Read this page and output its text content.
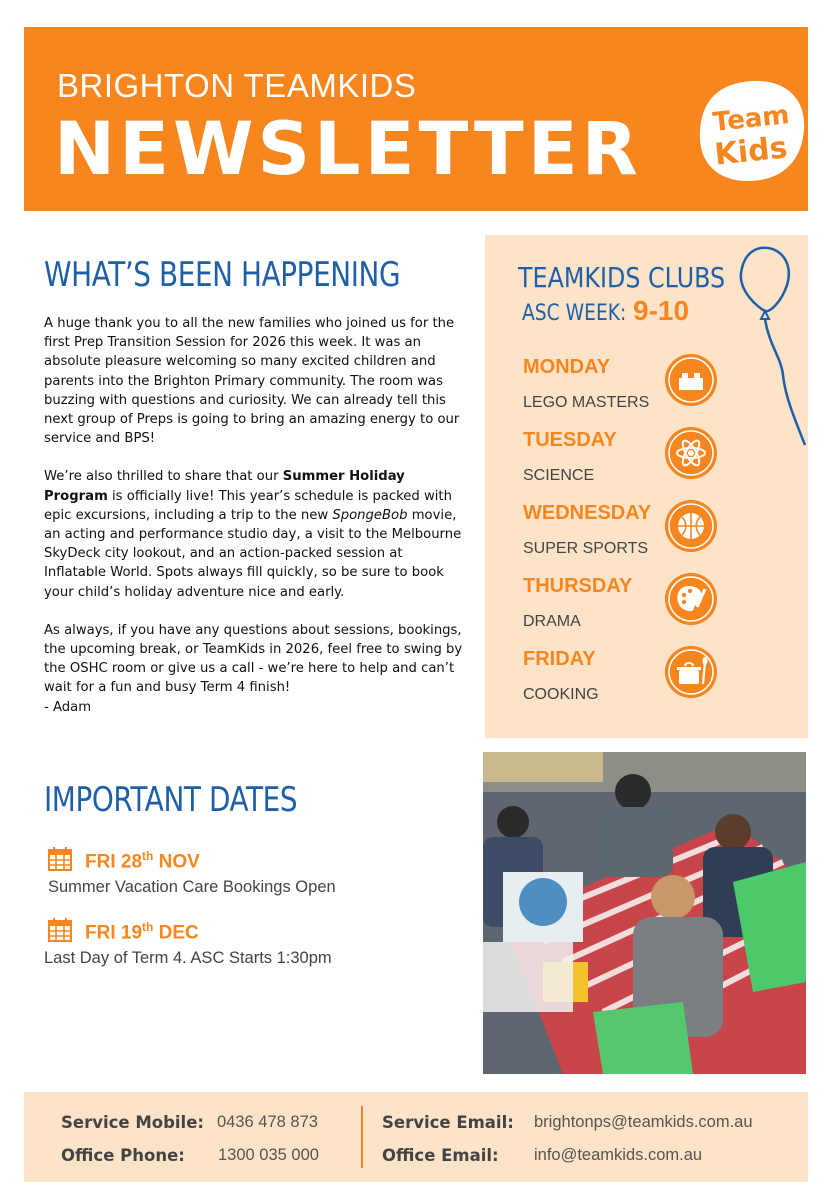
BRIGHTON TEAMKIDS
NEWSLETTER	Team
Kids
WHAT’S BEEN HAPPENING

A huge thank you to all the new families who joined us for the first Prep Transition Session for 2026 this week. It was an absolute pleasure welcoming so many excited children and parents into the Brighton Primary community. The room was buzzing with questions and curiosity. We can already tell this next group of Preps is going to bring an amazing energy to our service and BPS!

We’re also thrilled to share that our Summer Holiday Program is officially live! This year’s schedule is packed with epic excursions, including a trip to the new SpongeBob movie, an acting and performance studio day, a visit to the Melbourne SkyDeck city lookout, and an action-packed session at Inflatable World. Spots always fill quickly, so be sure to book your child’s holiday adventure nice and early.

As always, if you have any questions about sessions, bookings, the upcoming break, or TeamKids in 2026, feel free to swing by the OSHC room or give us a call - we’re here to help and can’t wait for a fun and busy Term 4 finish!

- Adam
TEAMKIDS CLUBS
ASC WEEK: 9-10
MONDAY
LEGO MASTERS
TUESDAY
SCIENCE
WEDNESDAY
SUPER SPORTS
THURSDAY
DRAMA
FRIDAY
COOKING
IMPORTANT DATES
FRI 28th NOV
Summer Vacation Care Bookings Open
FRI 19th DEC
Last Day of Term 4. ASC Starts 1:30pm
Service Mobile: 0436 478 873
Office Phone: 1300 035 000
Service Email: brightonps@teamkids.com.au
Office Email: info@teamkids.com.au
